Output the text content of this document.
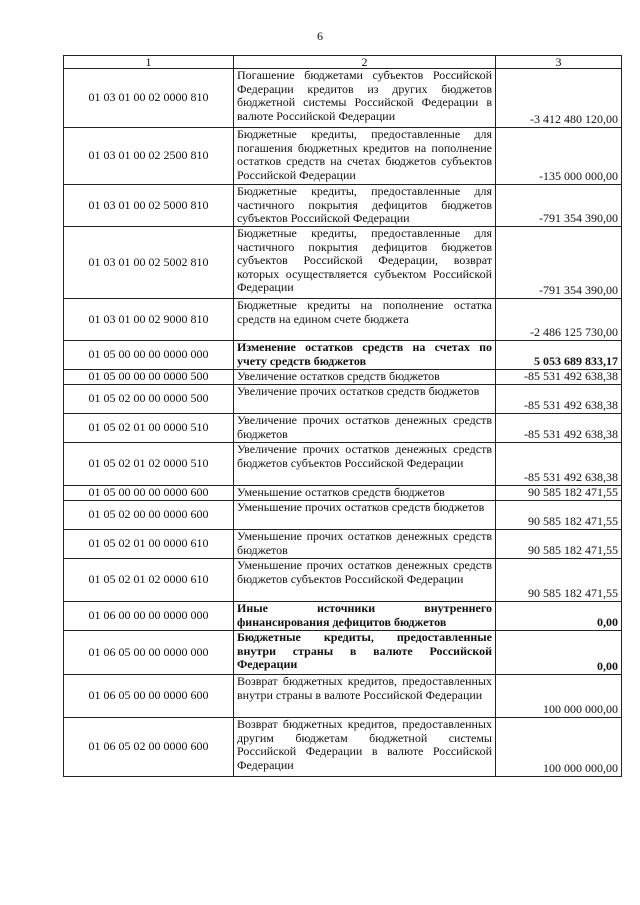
6
1	2	3
01 03 01 00 02 0000 810	Погашение бюджетами субъектов Российской Федерации кредитов из других бюджетов бюджетной системы Российской Федерации в валюте Российской Федерации	-3 412 480 120,00
01 03 01 00 02 2500 810	Бюджетные кредиты, предоставленные для погашения бюджетных кредитов на пополнение остатков средств на счетах бюджетов субъектов Российской Федерации	-135 000 000,00
01 03 01 00 02 5000 810	Бюджетные кредиты, предоставленные для частичного покрытия дефицитов бюджетов субъектов Российской Федерации	-791 354 390,00
01 03 01 00 02 5002 810	Бюджетные кредиты, предоставленные для частичного покрытия дефицитов бюджетов субъектов Российской Федерации, возврат которых осуществляется субъектом Российской Федерации	-791 354 390,00
01 03 01 00 02 9000 810	Бюджетные кредиты на пополнение остатка средств на едином счете бюджета	-2 486 125 730,00
01 05 00 00 00 0000 000	Изменение остатков средств на счетах по учету средств бюджетов	5 053 689 833,17
01 05 00 00 00 0000 500	Увеличение остатков средств бюджетов	-85 531 492 638,38
01 05 02 00 00 0000 500	Увеличение прочих остатков средств бюджетов	-85 531 492 638,38
01 05 02 01 00 0000 510	Увеличение прочих остатков денежных средств бюджетов	-85 531 492 638,38
01 05 02 01 02 0000 510	Увеличение прочих остатков денежных средств бюджетов субъектов Российской Федерации	-85 531 492 638,38
01 05 00 00 00 0000 600	Уменьшение остатков средств бюджетов	90 585 182 471,55
01 05 02 00 00 0000 600	Уменьшение прочих остатков средств бюджетов	90 585 182 471,55
01 05 02 01 00 0000 610	Уменьшение прочих остатков денежных средств бюджетов	90 585 182 471,55
01 05 02 01 02 0000 610	Уменьшение прочих остатков денежных средств бюджетов субъектов Российской Федерации	90 585 182 471,55
01 06 00 00 00 0000 000	Иные источники внутреннего финансирования дефицитов бюджетов	0,00
01 06 05 00 00 0000 000	Бюджетные кредиты, предоставленные внутри страны в валюте Российской Федерации	0,00
01 06 05 00 00 0000 600	Возврат бюджетных кредитов, предоставленных внутри страны в валюте Российской Федерации	100 000 000,00
01 06 05 02 00 0000 600	Возврат бюджетных кредитов, предоставленных другим бюджетам бюджетной системы Российской Федерации в валюте Российской Федерации	100 000 000,00
